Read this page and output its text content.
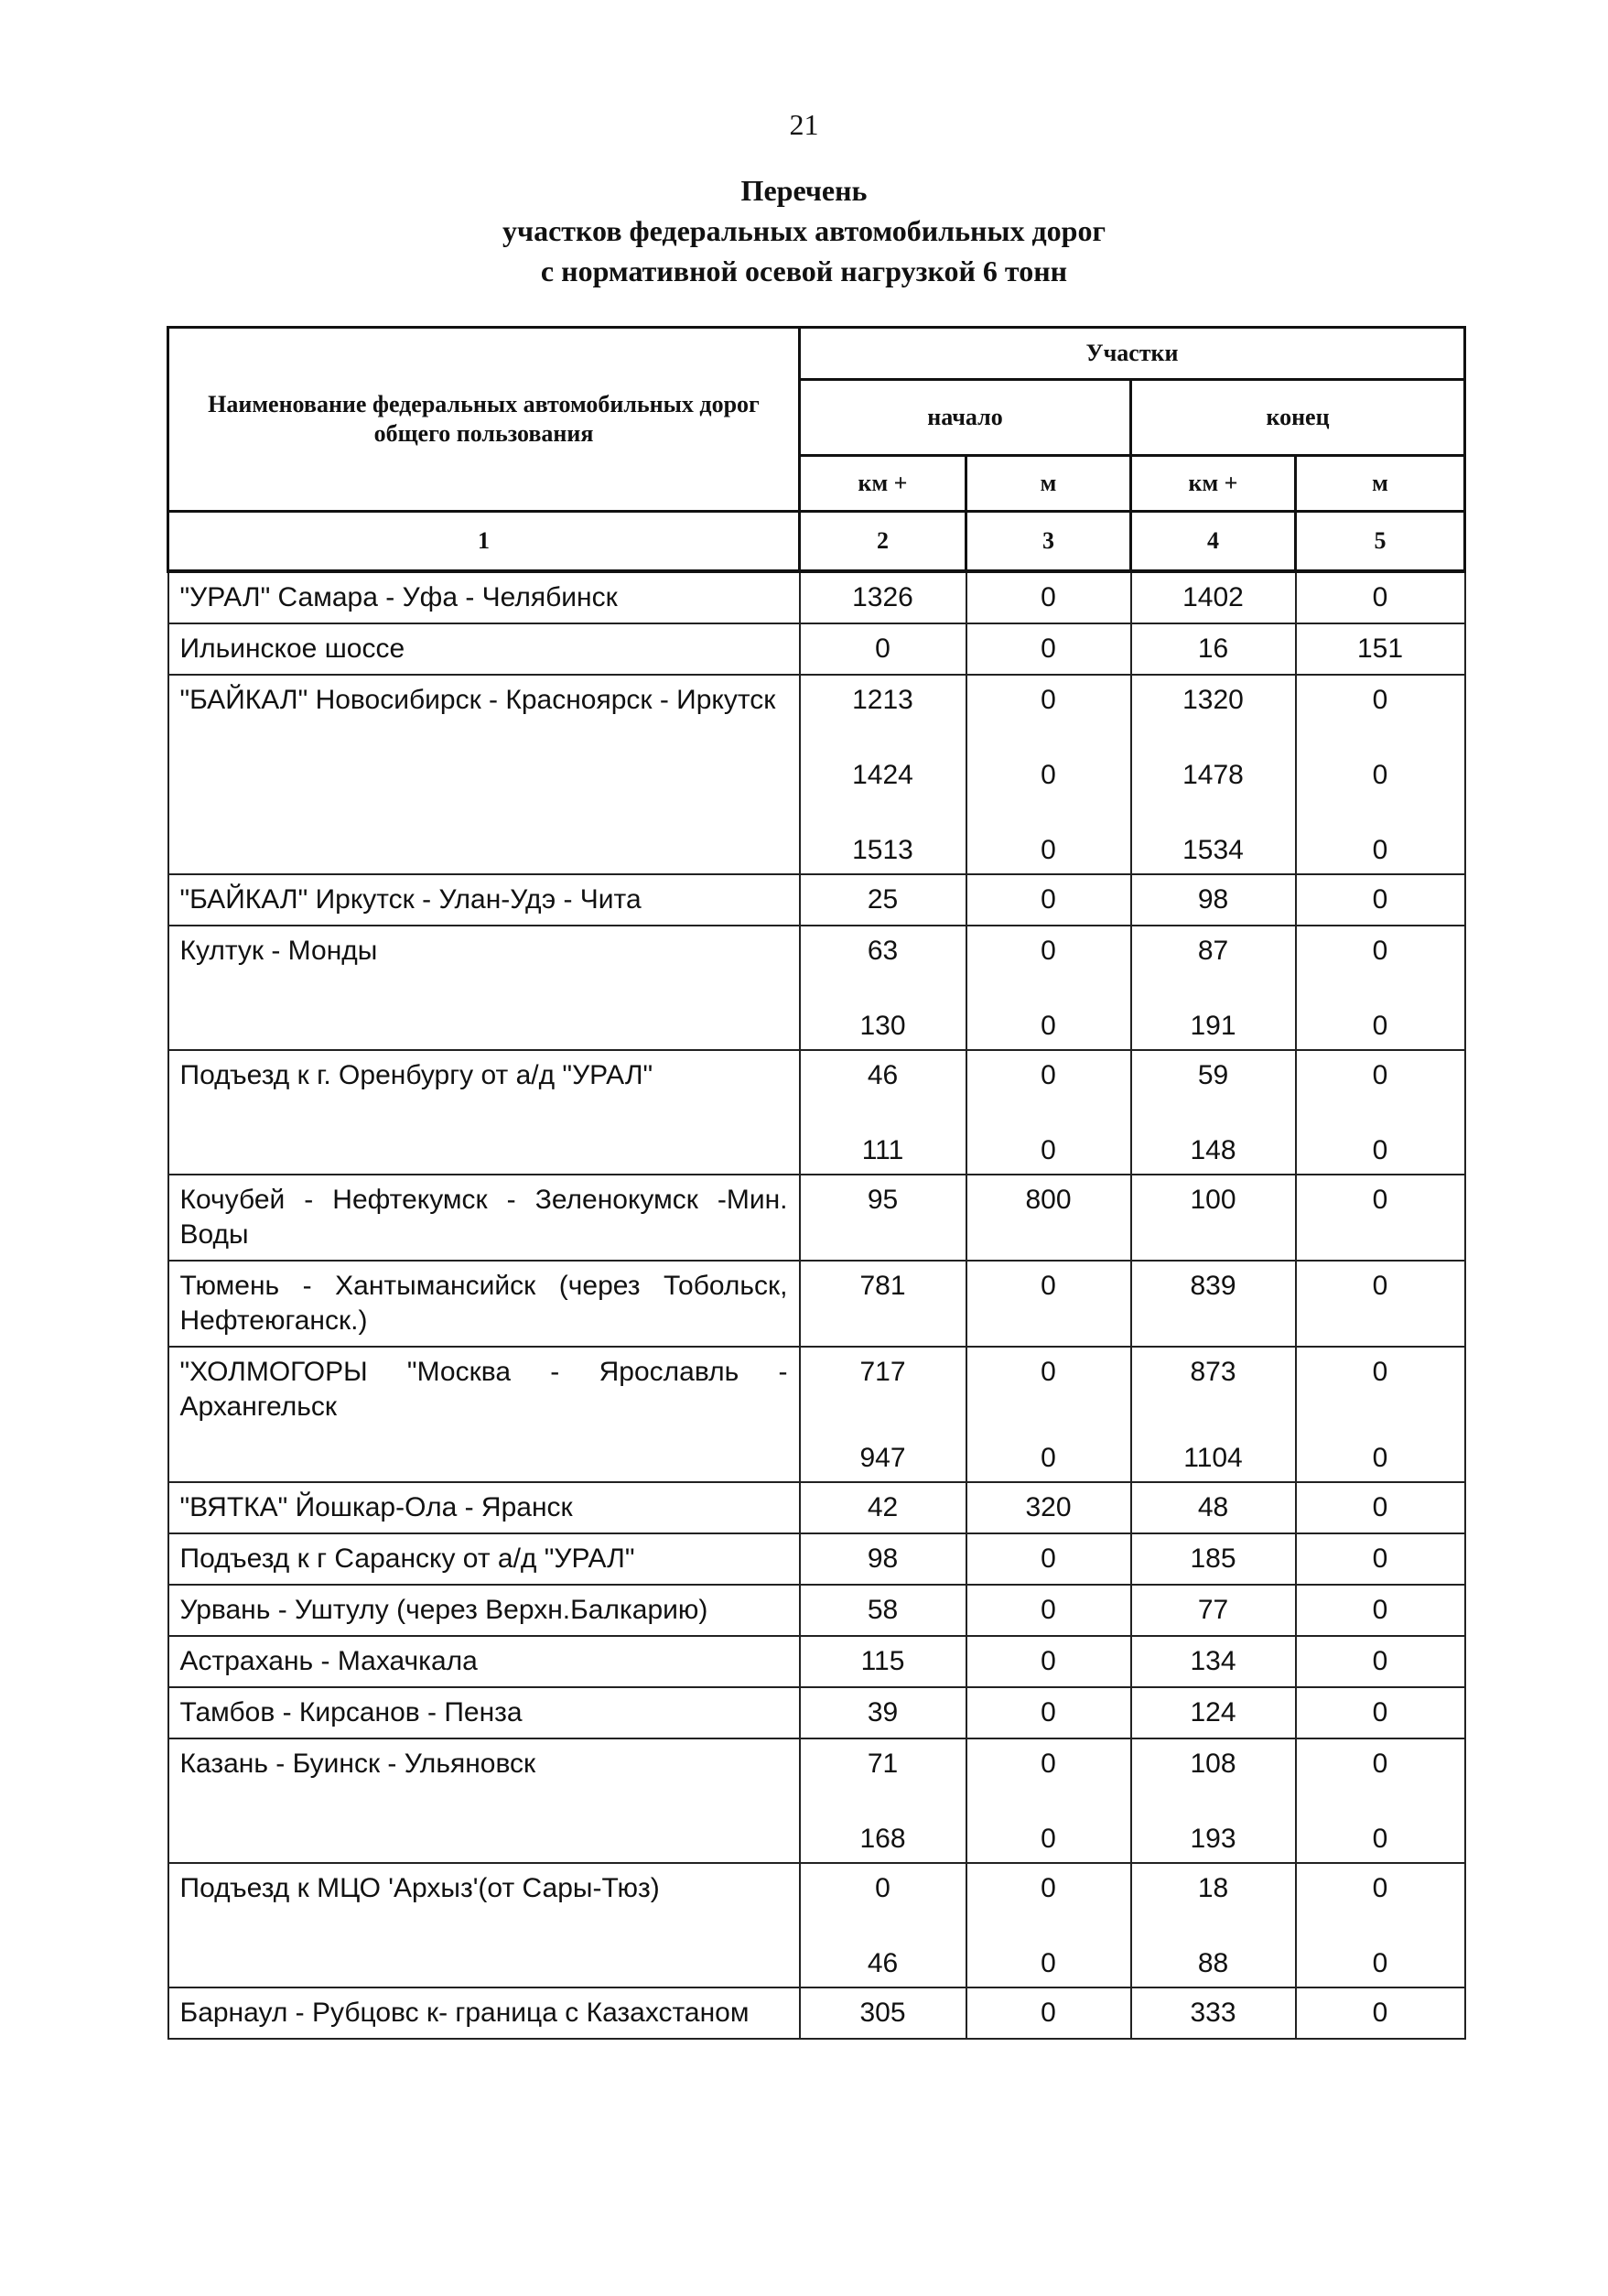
21
Перечень
участков федеральных автомобильных дорог
с нормативной осевой нагрузкой 6 тонн
Наименование федеральных автомобильных дорог общего пользования	Участки			
	начало		конец	
	км +	м	км +	м
1	2	3	4	5
"УРАЛ" Самара - Уфа - Челябинск	1326	0	1402	0
Ильинское шоссе	0	0	16	151
"БАЙКАЛ" Новосибирск - Красноярск - Иркутск	1213	0	1320	0
	1424	0	1478	0
	1513	0	1534	0
"БАЙКАЛ" Иркутск - Улан-Удэ - Чита	25	0	98	0
Култук - Монды	63	0	87	0
	130	0	191	0
Подъезд к г. Оренбургу от а/д "УРАЛ"	46	0	59	0
	111	0	148	0
Кочубей - Нефтекумск - Зеленокумск -Мин. Воды	95	800	100	0
Тюмень - Хантымансийск (через Тобольск, Нефтеюганск.)	781	0	839	0
"ХОЛМОГОРЫ "Москва - Ярославль - Архангельск	717	0	873	0
	947	0	1104	0
"ВЯТКА" Йошкар-Ола - Яранск	42	320	48	0
Подъезд к г Саранску от а/д "УРАЛ"	98	0	185	0
Урвань - Уштулу (через Верхн.Балкарию)	58	0	77	0
Астрахань - Махачкала	115	0	134	0
Тамбов - Кирсанов - Пенза	39	0	124	0
Казань - Буинск - Ульяновск	71	0	108	0
	168	0	193	0
Подъезд к МЦО 'Архыз'(от Сары-Тюз)	0	0	18	0
	46	0	88	0
Барнаул - Рубцовс к- граница с Казахстаном	305	0	333	0
